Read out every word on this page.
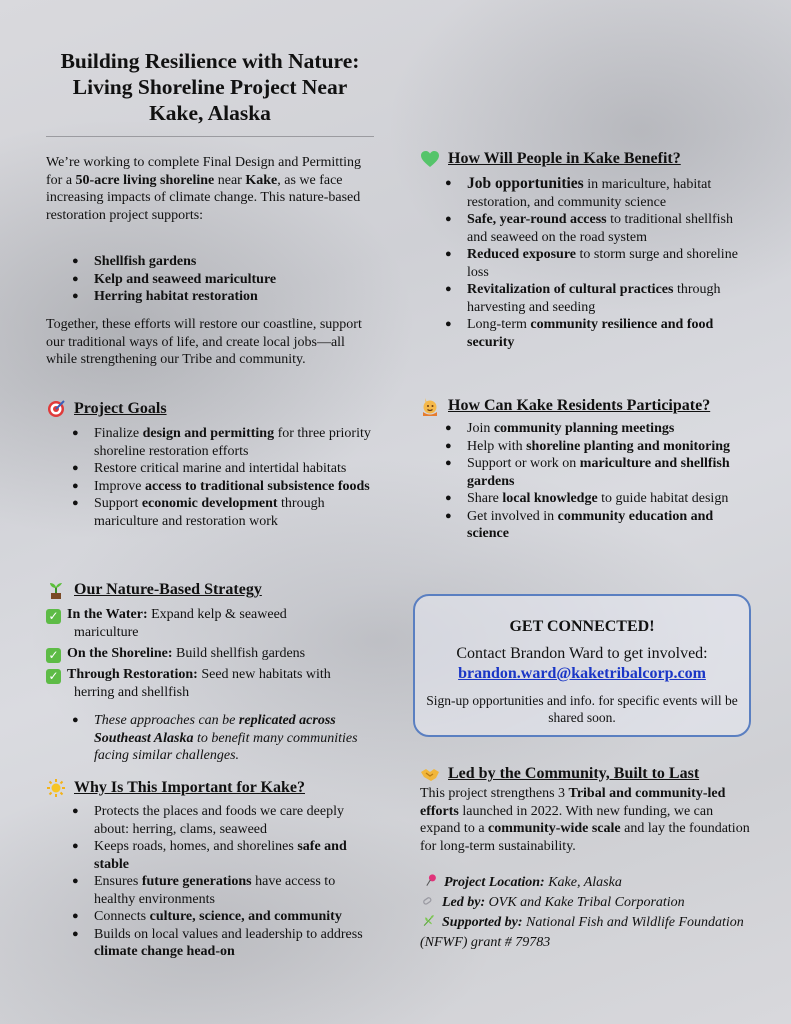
Building Resilience with Nature:
Living Shoreline Project Near
Kake, Alaska
We’re working to complete Final Design and Permitting for a 50-acre living shoreline near Kake, as we face increasing impacts of climate change. This nature-based restoration project supports:
● Shellfish gardens
● Kelp and seaweed mariculture
● Herring habitat restoration
Together, these efforts will restore our coastline, support our traditional ways of life, and create local jobs—all while strengthening our Tribe and community.
Project Goals
● Finalize design and permitting for three priority shoreline restoration efforts
● Restore critical marine and intertidal habitats
● Improve access to traditional subsistence foods
● Support economic development through mariculture and restoration work
Our Nature-Based Strategy
✓ In the Water: Expand kelp & seaweed
mariculture
✓ On the Shoreline: Build shellfish gardens
✓ Through Restoration: Seed new habitats with
herring and shellfish
● These approaches can be replicated across Southeast Alaska to benefit many communities facing similar challenges.
Why Is This Important for Kake?
● Protects the places and foods we care deeply about: herring, clams, seaweed
● Keeps roads, homes, and shorelines safe and stable
● Ensures future generations have access to healthy environments
● Connects culture, science, and community
● Builds on local values and leadership to address climate change head-on
How Will People in Kake Benefit?
● Job opportunities in mariculture, habitat restoration, and community science
● Safe, year-round access to traditional shellfish and seaweed on the road system
● Reduced exposure to storm surge and shoreline loss
● Revitalization of cultural practices through harvesting and seeding
● Long-term community resilience and food security
How Can Kake Residents Participate?
● Join community planning meetings
● Help with shoreline planting and monitoring
● Support or work on mariculture and shellfish gardens
● Share local knowledge to guide habitat design
● Get involved in community education and science
GET CONNECTED!
Contact Brandon Ward to get involved:
brandon.ward@kaketribalcorp.com
Sign-up opportunities and info. for specific events will be shared soon.
Led by the Community, Built to Last
This project strengthens 3 Tribal and community-led efforts launched in 2022. With new funding, we can expand to a community-wide scale and lay the foundation for long-term sustainability.
Project Location: Kake, Alaska
Led by: OVK and Kake Tribal Corporation
Supported by: National Fish and Wildlife Foundation (NFWF) grant # 79783
